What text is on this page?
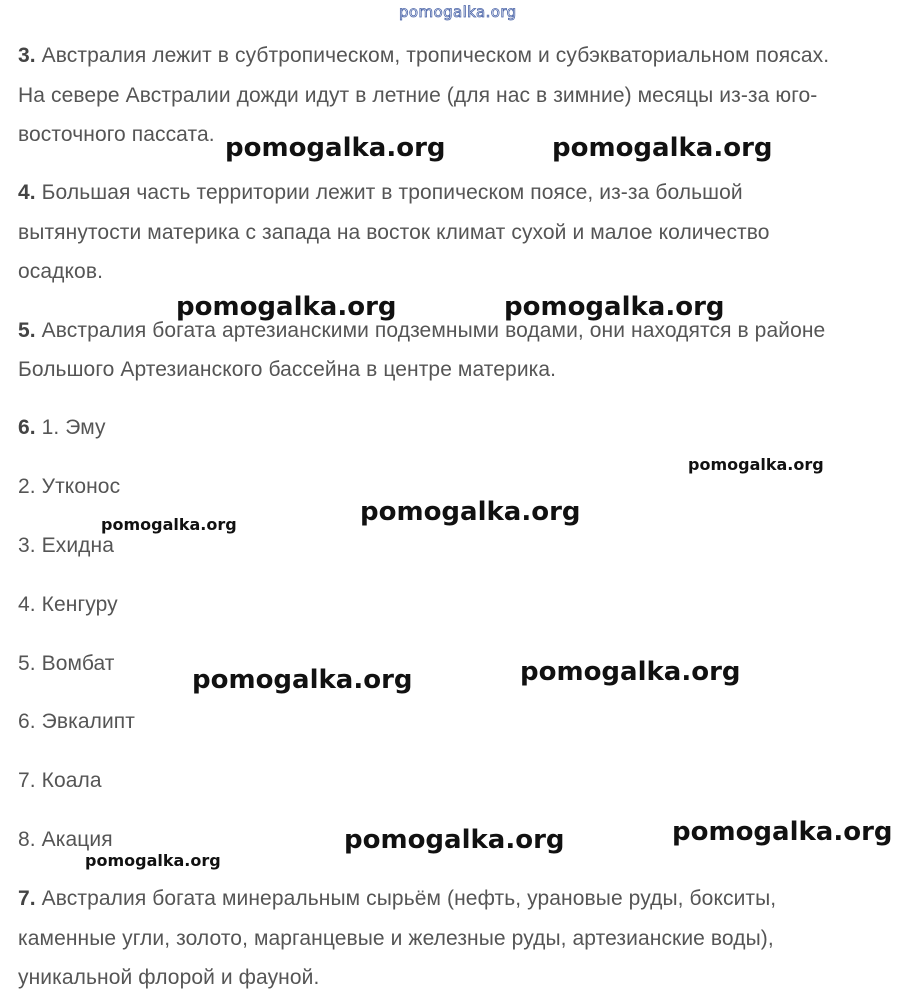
3. Австралия лежит в субтропическом, тропическом и субэкваториальном поясах.
На севере Австралии дожди идут в летние (для нас в зимние) месяцы из-за юго-
восточного пассата.
4. Большая часть территории лежит в тропическом поясе, из-за большой
вытянутости материка с запада на восток климат сухой и малое количество
осадков.
5. Австралия богата артезианскими подземными водами, они находятся в районе
Большого Артезианского бассейна в центре материка.
6. 1. Эму
2. Утконос
3. Ехидна
4. Кенгуру
5. Вомбат
6. Эвкалипт
7. Коала
8. Акация
7. Австралия богата минеральным сырьём (нефть, урановые руды, бокситы,
каменные угли, золото, марганцевые и железные руды, артезианские воды),
уникальной флорой и фауной.
pomogalka.org
pomogalka.org	pomogalka.org
pomogalka.org	pomogalka.org
pomogalka.org
pomogalka.org
pomogalka.org
pomogalka.org
pomogalka.org
pomogalka.org
pomogalka.org
pomogalka.org
